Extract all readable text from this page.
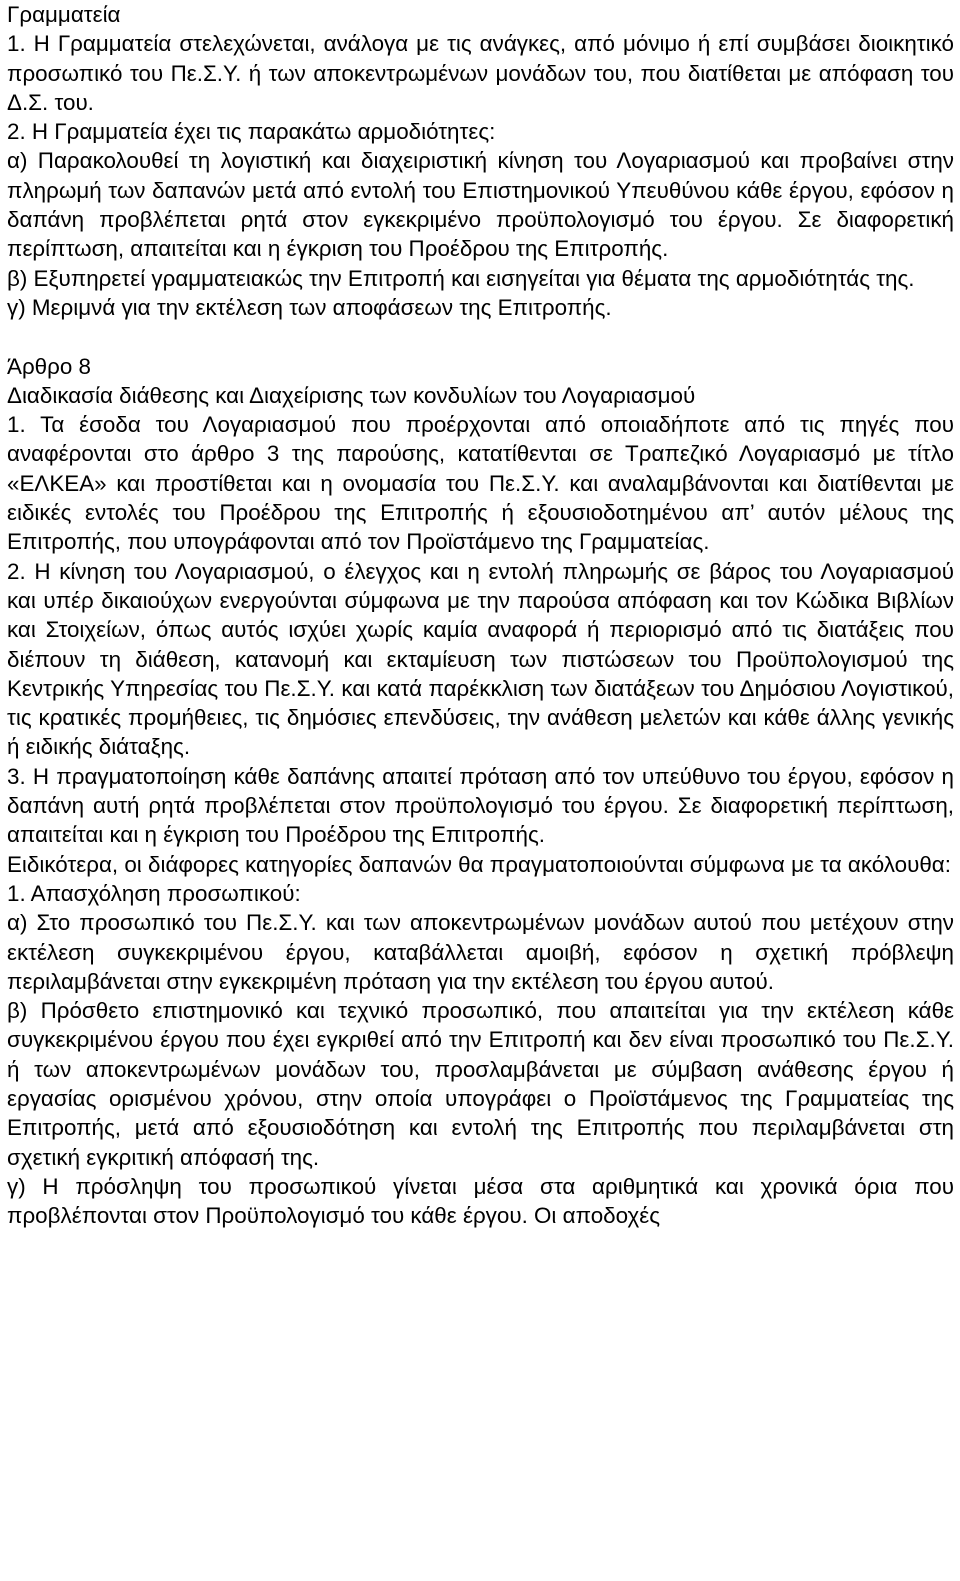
Γραμματεία
1. Η Γραμματεία στελεχώνεται, ανάλογα με τις ανάγκες, από μόνιμο ή επί συμβάσει διοικητικό προσωπικό του Πε.Σ.Υ. ή των αποκεντρωμένων μονάδων του, που διατίθεται με απόφαση του Δ.Σ. του.
2. Η Γραμματεία έχει τις παρακάτω αρμοδιότητες:
α) Παρακολουθεί τη λογιστική και διαχειριστική κίνηση του Λογαριασμού και προβαίνει στην πληρωμή των δαπανών μετά από εντολή του Επιστημονικού Υπευθύνου κάθε έργου, εφόσον η δαπάνη προβλέπεται ρητά στον εγκεκριμένο προϋπολογισμό του έργου. Σε διαφορετική περίπτωση, απαιτείται και η έγκριση του Προέδρου της Επιτροπής.
β) Εξυπηρετεί γραμματειακώς την Επιτροπή και εισηγείται για θέματα της αρμοδιότητάς της.
γ) Μεριμνά για την εκτέλεση των αποφάσεων της Επιτροπής.
Άρθρο 8
Διαδικασία διάθεσης και Διαχείρισης των κονδυλίων του Λογαριασμού
1. Τα έσοδα του Λογαριασμού που προέρχονται από οποιαδήποτε από τις πηγές που αναφέρονται στο άρθρο 3 της παρούσης, κατατίθενται σε Τραπεζικό Λογαριασμό με τίτλο «ΕΛΚΕΑ» και προστίθεται και η ονομασία του Πε.Σ.Υ. και αναλαμβάνονται και διατίθενται με ειδικές εντολές του Προέδρου της Επιτροπής ή εξουσιοδοτημένου απ’ αυτόν μέλους της Επιτροπής, που υπογράφονται από τον Προϊστάμενο της Γραμματείας.
2. Η κίνηση του Λογαριασμού, ο έλεγχος και η εντολή πληρωμής σε βάρος του Λογαριασμού και υπέρ δικαιούχων ενεργούνται σύμφωνα με την παρούσα απόφαση και τον Κώδικα Βιβλίων και Στοιχείων, όπως αυτός ισχύει χωρίς καμία αναφορά ή περιορισμό από τις διατάξεις που διέπουν τη διάθεση, κατανομή και εκταμίευση των πιστώσεων του Προϋπολογισμού της Κεντρικής Υπηρεσίας του Πε.Σ.Υ. και κατά παρέκκλιση των διατάξεων του Δημόσιου Λογιστικού, τις κρατικές προμήθειες, τις δημόσιες επενδύσεις, την ανάθεση μελετών και κάθε άλλης γενικής ή ειδικής διάταξης.
3. Η πραγματοποίηση κάθε δαπάνης απαιτεί πρόταση από τον υπεύθυνο του έργου, εφόσον η δαπάνη αυτή ρητά προβλέπεται στον προϋπολογισμό του έργου. Σε διαφορετική περίπτωση, απαιτείται και η έγκριση του Προέδρου της Επιτροπής.
Ειδικότερα, οι διάφορες κατηγορίες δαπανών θα πραγματοποιούνται σύμφωνα με τα ακόλουθα:
1. Απασχόληση προσωπικού:
α) Στο προσωπικό του Πε.Σ.Υ. και των αποκεντρωμένων μονάδων αυτού που μετέχουν στην εκτέλεση συγκεκριμένου έργου, καταβάλλεται αμοιβή, εφόσον η σχετική πρόβλεψη περιλαμβάνεται στην εγκεκριμένη πρόταση για την εκτέλεση του έργου αυτού.
β) Πρόσθετο επιστημονικό και τεχνικό προσωπικό, που απαιτείται για την εκτέλεση κάθε συγκεκριμένου έργου που έχει εγκριθεί από την Επιτροπή και δεν είναι προσωπικό του Πε.Σ.Υ. ή των αποκεντρωμένων μονάδων του, προσλαμβάνεται με σύμβαση ανάθεσης έργου ή εργασίας ορισμένου χρόνου, στην οποία υπογράφει ο Προϊστάμενος της Γραμματείας της Επιτροπής, μετά από εξουσιοδότηση και εντολή της Επιτροπής που περιλαμβάνεται στη σχετική εγκριτική απόφασή της.
γ) Η πρόσληψη του προσωπικού γίνεται μέσα στα αριθμητικά και χρονικά όρια που προβλέπονται στον Προϋπολογισμό του κάθε έργου. Οι αποδοχές
